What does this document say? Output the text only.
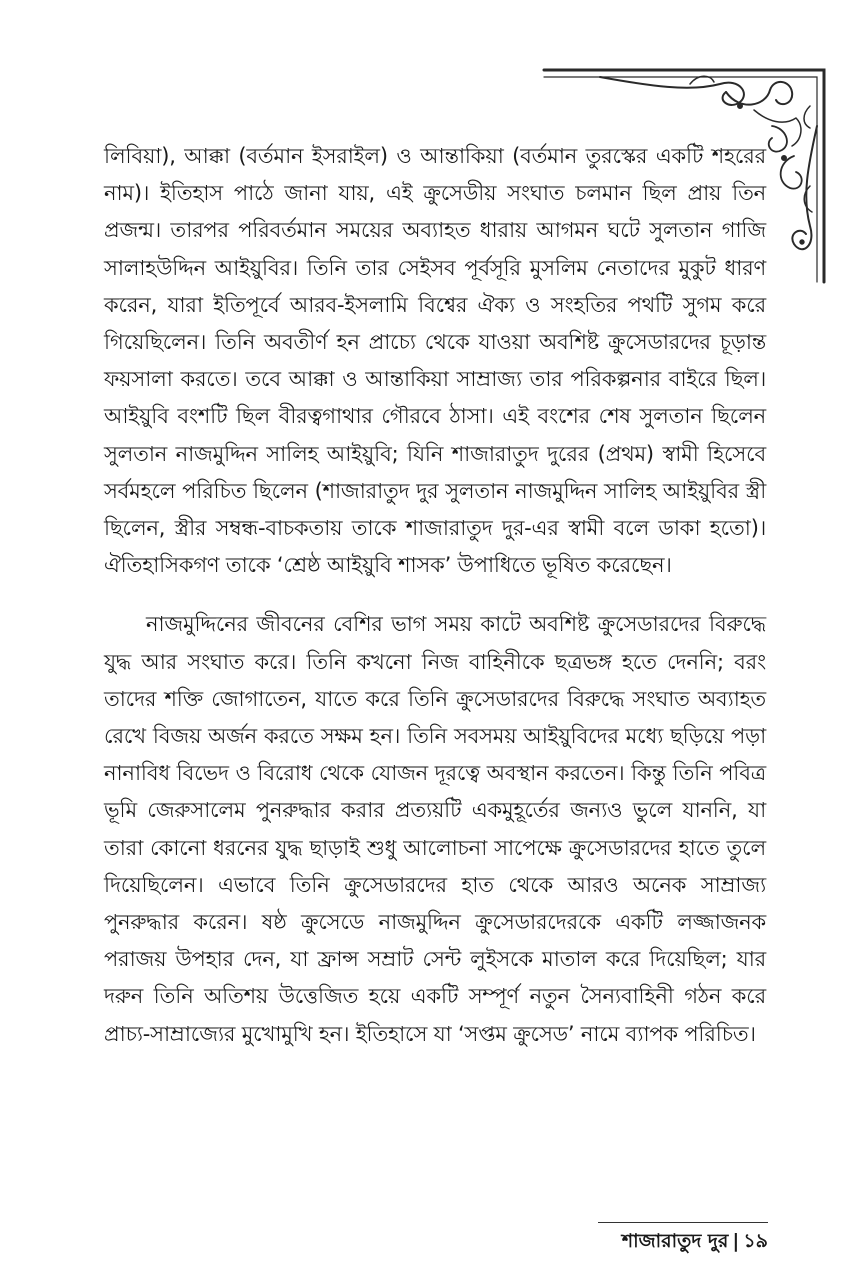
লিবিয়া), আক্কা (বর্তমান ইসরাইল) ও আন্তাকিয়া (বর্তমান তুরস্কের একটি শহরের নাম)। ইতিহাস পাঠে জানা যায়, এই ক্রুসেডীয় সংঘাত চলমান ছিল প্রায় তিন প্রজন্ম। তারপর পরিবর্তমান সময়ের অব্যাহত ধারায় আগমন ঘটে সুলতান গাজি সালাহউদ্দিন আইয়ুবির। তিনি তার সেইসব পূর্বসূরি মুসলিম নেতাদের মুকুট ধারণ করেন, যারা ইতিপূর্বে আরব-ইসলামি বিশ্বের ঐক্য ও সংহতির পথটি সুগম করে গিয়েছিলেন। তিনি অবতীর্ণ হন প্রাচ্যে থেকে যাওয়া অবশিষ্ট ক্রুসেডারদের চূড়ান্ত ফয়সালা করতে। তবে আক্কা ও আন্তাকিয়া সাম্রাজ্য তার পরিকল্পনার বাইরে ছিল। আইয়ুবি বংশটি ছিল বীরত্বগাথার গৌরবে ঠাসা। এই বংশের শেষ সুলতান ছিলেন সুলতান নাজমুদ্দিন সালিহ আইয়ুবি; যিনি শাজারাতুদ দুরের (প্রথম) স্বামী হিসেবে সর্বমহলে পরিচিত ছিলেন (শাজারাতুদ দুর সুলতান নাজমুদ্দিন সালিহ আইয়ুবির স্ত্রী ছিলেন, স্ত্রীর সম্বন্ধ-বাচকতায় তাকে শাজারাতুদ দুর-এর স্বামী বলে ডাকা হতো)। ঐতিহাসিকগণ তাকে ‘শ্রেষ্ঠ আইয়ুবি শাসক’ উপাধিতে ভূষিত করেছেন।

নাজমুদ্দিনের জীবনের বেশির ভাগ সময় কাটে অবশিষ্ট ক্রুসেডারদের বিরুদ্ধে যুদ্ধ আর সংঘাত করে। তিনি কখনো নিজ বাহিনীকে ছত্রভঙ্গ হতে দেননি; বরং তাদের শক্তি জোগাতেন, যাতে করে তিনি ক্রুসেডারদের বিরুদ্ধে সংঘাত অব্যাহত রেখে বিজয় অর্জন করতে সক্ষম হন। তিনি সবসময় আইয়ুবিদের মধ্যে ছড়িয়ে পড়া নানাবিধ বিভেদ ও বিরোধ থেকে যোজন দূরত্বে অবস্থান করতেন। কিন্তু তিনি পবিত্র ভূমি জেরুসালেম পুনরুদ্ধার করার প্রত্যয়টি একমুহূর্তের জন্যও ভুলে যাননি, যা তারা কোনো ধরনের যুদ্ধ ছাড়াই শুধু আলোচনা সাপেক্ষে ক্রুসেডারদের হাতে তুলে দিয়েছিলেন। এভাবে তিনি ক্রুসেডারদের হাত থেকে আরও অনেক সাম্রাজ্য পুনরুদ্ধার করেন। ষষ্ঠ ক্রুসেডে নাজমুদ্দিন ক্রুসেডারদেরকে একটি লজ্জাজনক পরাজয় উপহার দেন, যা ফ্রান্স সম্রাট সেন্ট লুইসকে মাতাল করে দিয়েছিল; যার দরুন তিনি অতিশয় উত্তেজিত হয়ে একটি সম্পূর্ণ নতুন সৈন্যবাহিনী গঠন করে প্রাচ্য-সাম্রাজ্যের মুখোমুখি হন। ইতিহাসে যা ‘সপ্তম ক্রুসেড’ নামে ব্যাপক পরিচিত।

শাজারাতুদ দুর | ১৯
